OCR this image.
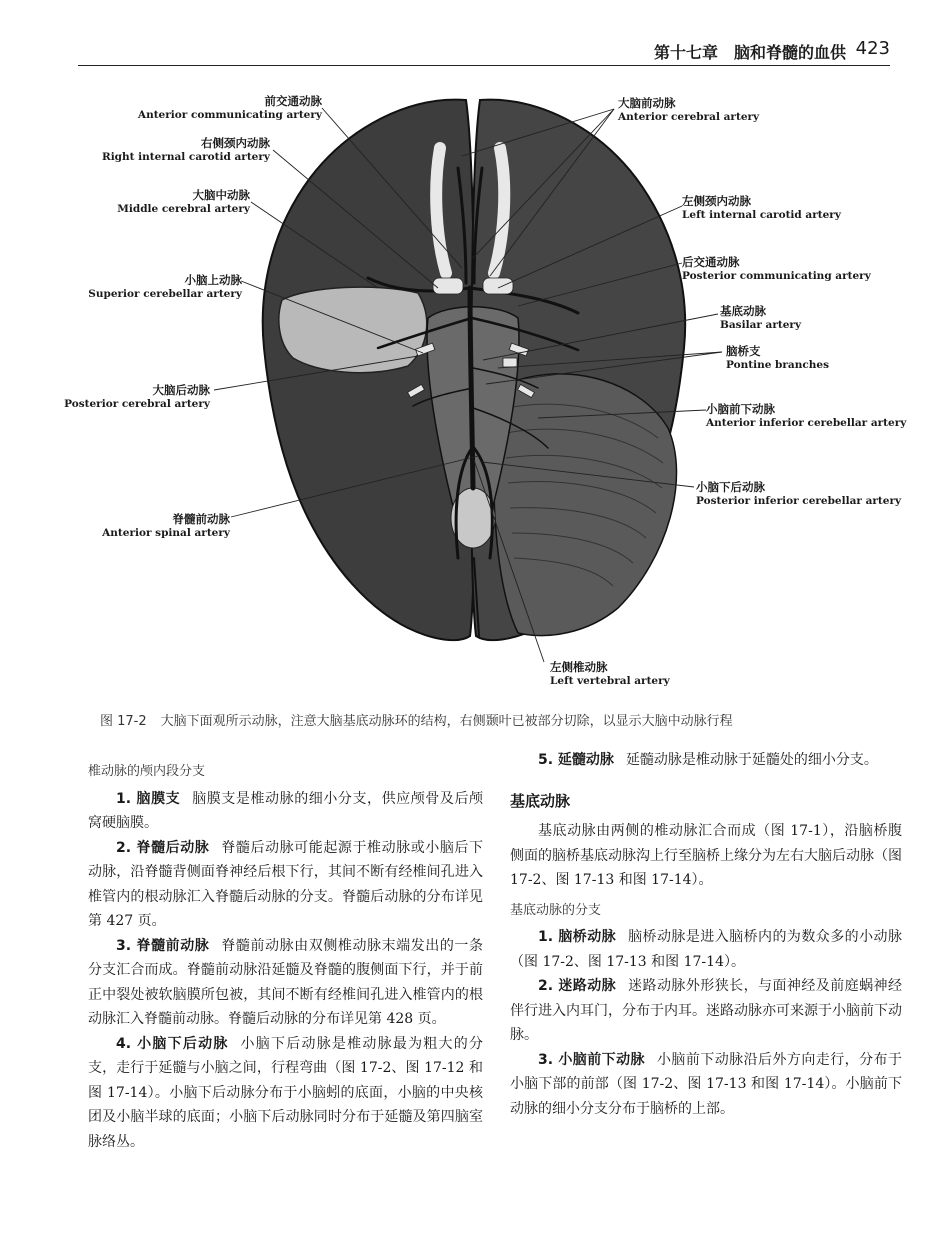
第十七章　脑和脊髓的血供 423
前交通动脉
Anterior communicating artery
右侧颈内动脉
Right internal carotid artery
大脑中动脉
Middle cerebral artery
小脑上动脉
Superior cerebellar artery
大脑后动脉
Posterior cerebral artery
脊髓前动脉
Anterior spinal artery
大脑前动脉
Anterior cerebral artery
左侧颈内动脉
Left internal carotid artery
后交通动脉
Posterior communicating artery
基底动脉
Basilar artery
脑桥支
Pontine branches
小脑前下动脉
Anterior inferior cerebellar artery
小脑下后动脉
Posterior inferior cerebellar artery
左侧椎动脉
Left vertebral artery
图 17-2 大脑下面观所示动脉，注意大脑基底动脉环的结构，右侧颞叶已被部分切除，以显示大脑中动脉行程

椎动脉的颅内段分支

1. 脑膜支 脑膜支是椎动脉的细小分支，供应颅骨及后颅窝硬脑膜。

2. 脊髓后动脉 脊髓后动脉可能起源于椎动脉或小脑后下动脉，沿脊髓背侧面脊神经后根下行，其间不断有经椎间孔进入椎管内的根动脉汇入脊髓后动脉的分支。脊髓后动脉的分布详见第 427 页。

3. 脊髓前动脉 脊髓前动脉由双侧椎动脉末端发出的一条分支汇合而成。脊髓前动脉沿延髓及脊髓的腹侧面下行，并于前正中裂处被软脑膜所包被，其间不断有经椎间孔进入椎管内的根动脉汇入脊髓前动脉。脊髓后动脉的分布详见第 428 页。

4. 小脑下后动脉 小脑下后动脉是椎动脉最为粗大的分支，走行于延髓与小脑之间，行程弯曲（图 17-2、图 17-12 和图 17-14）。小脑下后动脉分布于小脑蚓的底面，小脑的中央核团及小脑半球的底面；小脑下后动脉同时分布于延髓及第四脑室脉络丛。

5. 延髓动脉 延髓动脉是椎动脉于延髓处的细小分支。

基底动脉

基底动脉由两侧的椎动脉汇合而成（图 17-1），沿脑桥腹侧面的脑桥基底动脉沟上行至脑桥上缘分为左右大脑后动脉（图 17-2、图 17-13 和图 17-14）。

基底动脉的分支

1. 脑桥动脉 脑桥动脉是进入脑桥内的为数众多的小动脉（图 17-2、图 17-13 和图 17-14）。

2. 迷路动脉 迷路动脉外形狭长，与面神经及前庭蜗神经伴行进入内耳门，分布于内耳。迷路动脉亦可来源于小脑前下动脉。

3. 小脑前下动脉 小脑前下动脉沿后外方向走行，分布于小脑下部的前部（图 17-2、图 17-13 和图 17-14）。小脑前下动脉的细小分支分布于脑桥的上部。
